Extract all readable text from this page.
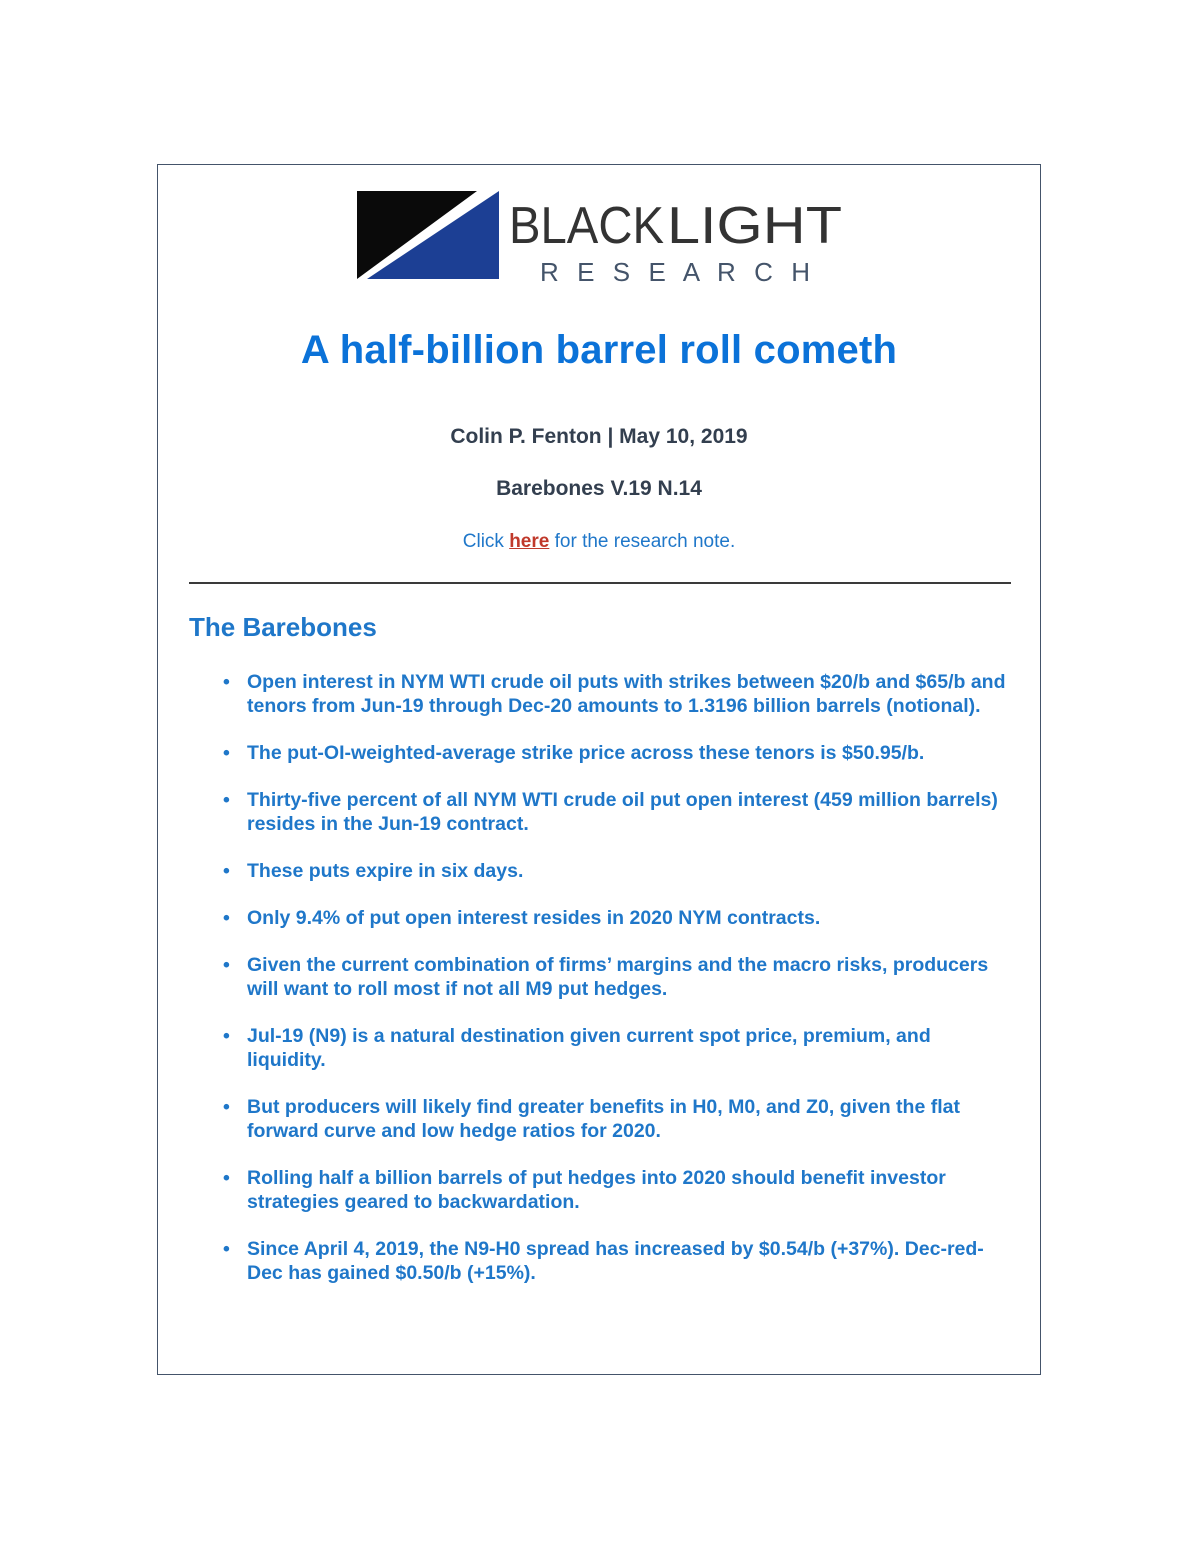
BLACK LIGHT
R E S E A R C H
A half-billion barrel roll cometh
Colin P. Fenton | May 10, 2019
Barebones V.19 N.14
Click here for the research note.
The Barebones
• Open interest in NYM WTI crude oil puts with strikes between $20/b and $65/b and tenors from Jun-19 through Dec-20 amounts to 1.3196 billion barrels (notional).
• The put-OI-weighted-average strike price across these tenors is $50.95/b.
• Thirty-five percent of all NYM WTI crude oil put open interest (459 million barrels) resides in the Jun-19 contract.
• These puts expire in six days.
• Only 9.4% of put open interest resides in 2020 NYM contracts.
• Given the current combination of firms’ margins and the macro risks, producers will want to roll most if not all M9 put hedges.
• Jul-19 (N9) is a natural destination given current spot price, premium, and liquidity.
• But producers will likely find greater benefits in H0, M0, and Z0, given the flat forward curve and low hedge ratios for 2020.
• Rolling half a billion barrels of put hedges into 2020 should benefit investor strategies geared to backwardation.
• Since April 4, 2019, the N9-H0 spread has increased by $0.54/b (+37%). Dec-red-Dec has gained $0.50/b (+15%).
